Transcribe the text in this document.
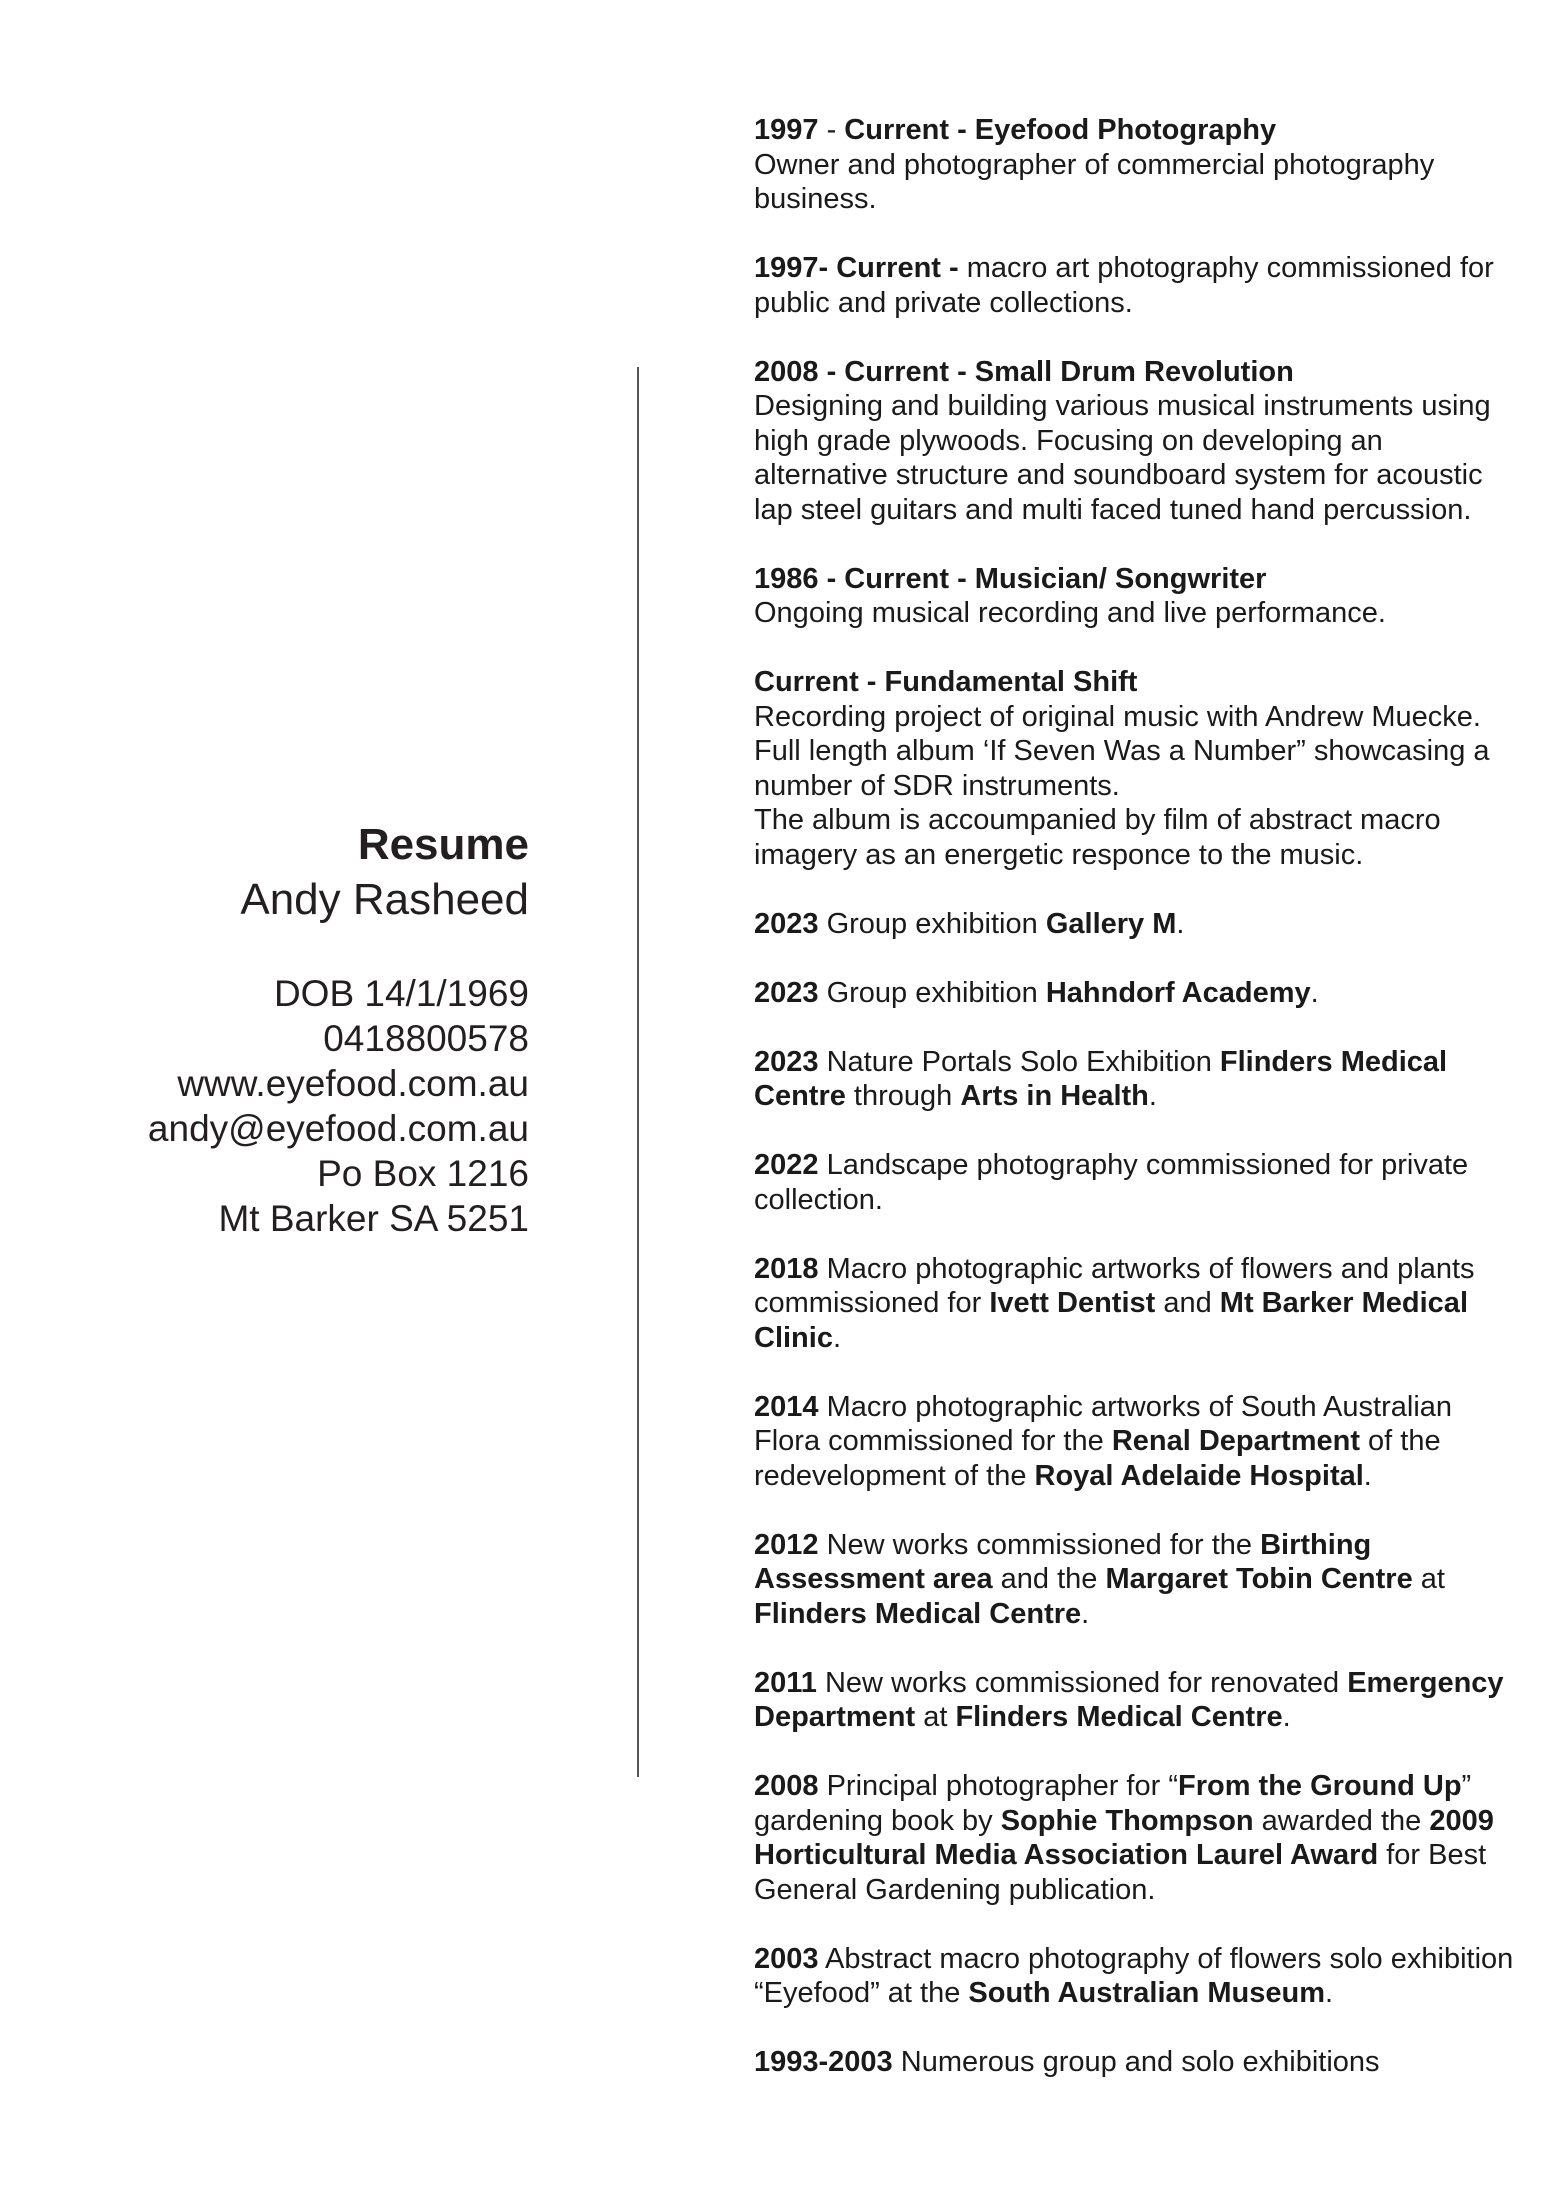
Resume
Andy Rasheed
DOB 14/1/1969
0418800578
www.eyefood.com.au
andy@eyefood.com.au
Po Box 1216
Mt Barker SA 5251
1997 - Current - Eyefood Photography
Owner and photographer of commercial photography business.
1997- Current - macro art photography commissioned for public and private collections.
2008 - Current - Small Drum Revolution
Designing and building various musical instruments using high grade plywoods. Focusing on developing an alternative structure and soundboard system for acoustic lap steel guitars and multi faced tuned hand percussion.
1986 - Current - Musician/ Songwriter
Ongoing musical recording and live performance.
Current - Fundamental Shift
Recording project of original music with Andrew Muecke. Full length album ‘If Seven Was a Number” showcasing a number of SDR instruments.
The album is accoumpanied by film of abstract macro imagery as an energetic responce to the music.
2023 Group exhibition Gallery M.
2023 Group exhibition Hahndorf Academy.
2023 Nature Portals Solo Exhibition Flinders Medical Centre through Arts in Health.
2022 Landscape photography commissioned for private collection.
2018 Macro photographic artworks of flowers and plants commissioned for Ivett Dentist and Mt Barker Medical Clinic.
2014 Macro photographic artworks of South Australian Flora commissioned for the Renal Department of the redevelopment of the Royal Adelaide Hospital.
2012 New works commissioned for the Birthing Assessment area and the Margaret Tobin Centre at Flinders Medical Centre.
2011 New works commissioned for renovated Emergency Department at Flinders Medical Centre.
2008 Principal photographer for “From the Ground Up” gardening book by Sophie Thompson awarded the 2009 Horticultural Media Association Laurel Award for Best General Gardening publication.
2003 Abstract macro photography of flowers solo exhibition “Eyefood” at the South Australian Museum.
1993-2003 Numerous group and solo exhibitions
